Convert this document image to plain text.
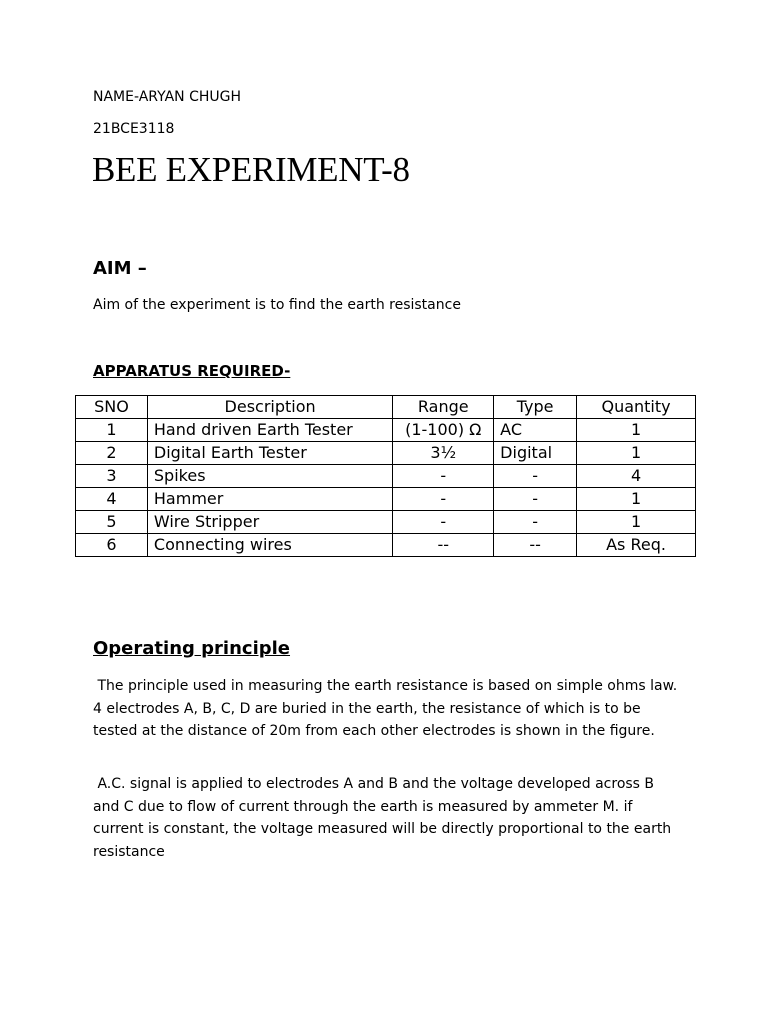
NAME-ARYAN CHUGH
21BCE3118
BEE EXPERIMENT-8
AIM –
Aim of the experiment is to find the earth resistance
APPARATUS REQUIRED-
SNO	Description	Range	Type	Quantity
1	Hand driven Earth Tester	(1-100) Ω	AC	1
2	Digital Earth Tester	3½	Digital	1
3	Spikes	-	-	4
4	Hammer	-	-	1
5	Wire Stripper	-	-	1
6	Connecting wires	--	--	As Req.
Operating principle

The principle used in measuring the earth resistance is based on simple ohms law. 4 electrodes A, B, C, D are buried in the earth, the resistance of which is to be tested at the distance of 20m from each other electrodes is shown in the figure.

A.C. signal is applied to electrodes A and B and the voltage developed across B and C due to flow of current through the earth is measured by ammeter M. if current is constant, the voltage measured will be directly proportional to the earth resistance
